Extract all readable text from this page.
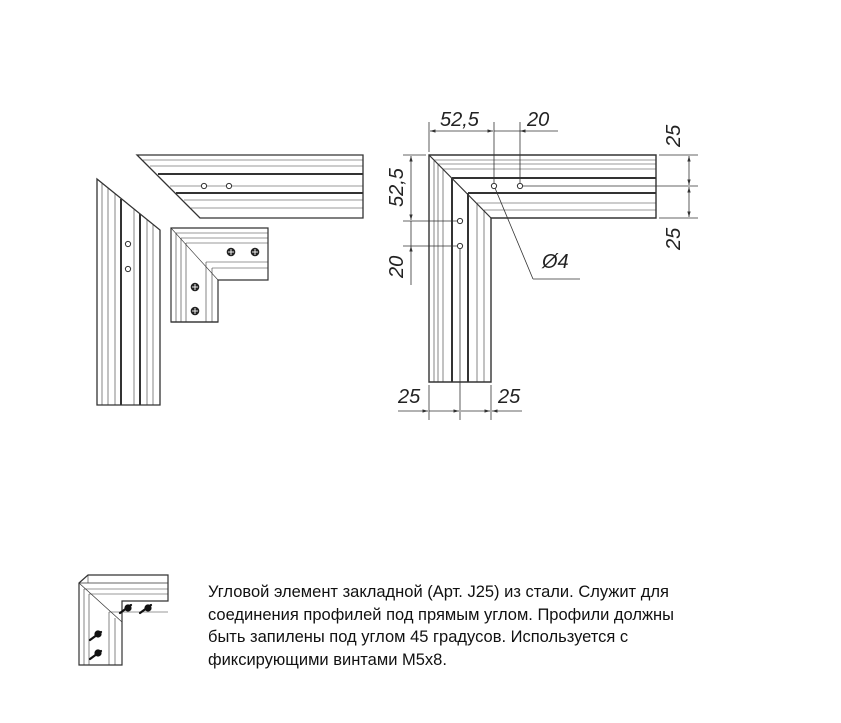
52,5 20
52,5
20
25
25
25	25
Ø4
Угловой элемент закладной (Арт. J25) из стали. Служит для
соединения профилей под прямым углом. Профили должны
быть запилены под углом 45 градусов. Используется с
фиксирующими винтами M5x8.
